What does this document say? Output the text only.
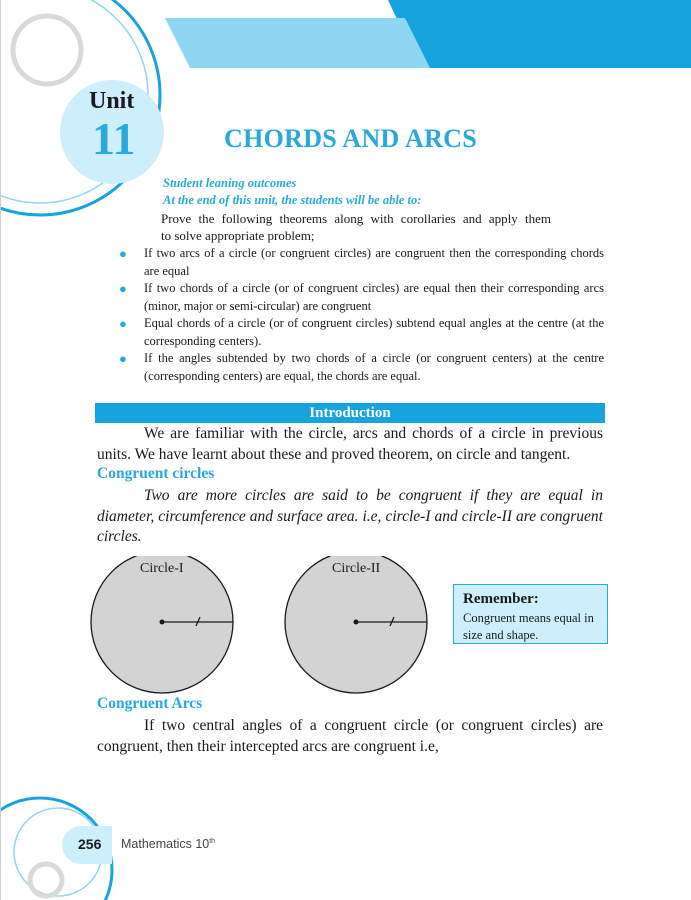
Unit
11	CHORDS AND ARCS
Student leaning outcomes
At the end of this unit, the students will be able to:
Prove the following theorems along with corollaries and apply them
to solve appropriate problem;
● If two arcs of a circle (or congruent circles) are congruent then the corresponding chords are equal
● If two chords of a circle (or of congruent circles) are equal then their corresponding arcs (minor, major or semi-circular) are congruent
● Equal chords of a circle (or of congruent circles) subtend equal angles at the centre (at the corresponding centers).
● If the angles subtended by two chords of a circle (or congruent centers) at the centre (corresponding centers) are equal, the chords are equal.
Introduction
We are familiar with the circle, arcs and chords of a circle in previous units. We have learnt about these and proved theorem, on circle and tangent.
Congruent circles
Two are more circles are said to be congruent if they are equal in diameter, circumference and surface area. i.e, circle-I and circle-II are congruent circles.
Circle-I	Circle-II
Remember:
Congruent means equal in size and shape.
Congruent Arcs
If two central angles of a congruent circle (or congruent circles) are congruent, then their intercepted arcs are congruent i.e,
256 Mathematics 10th
